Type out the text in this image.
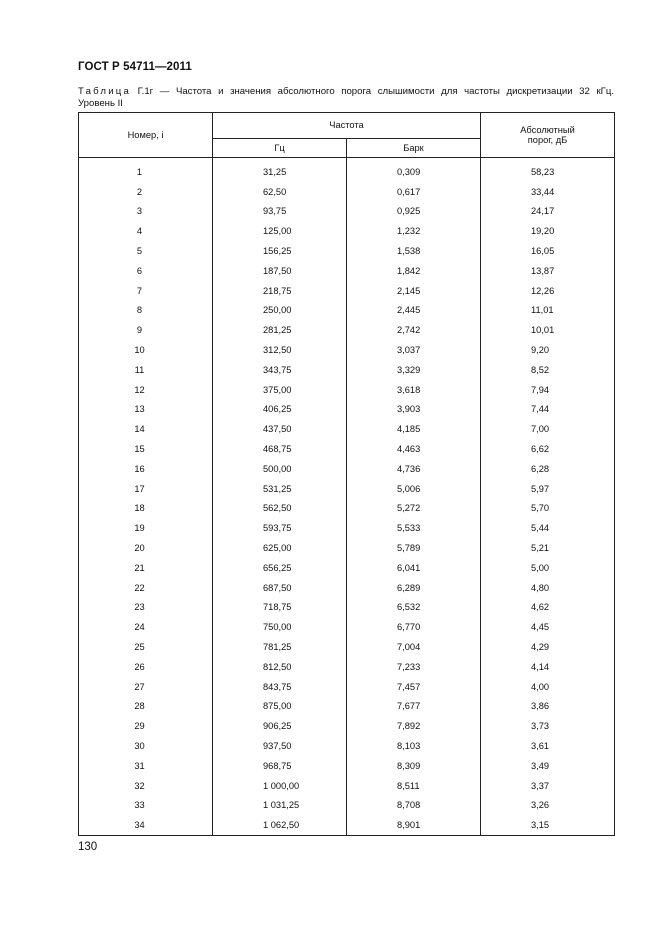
ГОСТ Р 54711—2011
Таблица Г.1г — Частота и значения абсолютного порога слышимости для частоты дискретизации 32 кГц.
Уровень II
Номер, i	Частота		Абсолютный
порог, дБ

	Гц	Барк	
1	31,25	0,309	58,23
2	62,50	0,617	33,44
3	93,75	0,925	24,17
4	125,00	1,232	19,20
5	156,25	1,538	16,05
6	187,50	1,842	13,87
7	218,75	2,145	12,26
8	250,00	2,445	11,01
9	281,25	2,742	10,01
10	312,50	3,037	9,20
11	343,75	3,329	8,52
12	375,00	3,618	7,94
13	406,25	3,903	7,44
14	437,50	4,185	7,00
15	468,75	4,463	6,62
16	500,00	4,736	6,28
17	531,25	5,006	5,97
18	562,50	5,272	5,70
19	593,75	5,533	5,44
20	625,00	5,789	5,21
21	656,25	6,041	5,00
22	687,50	6,289	4,80
23	718,75	6,532	4,62
24	750,00	6,770	4,45
25	781,25	7,004	4,29
26	812,50	7,233	4,14
27	843,75	7,457	4,00
28	875,00	7,677	3,86
29	906,25	7,892	3,73
30	937,50	8,103	3,61
31	968,75	8,309	3,49
32	1 000,00	8,511	3,37
33	1 031,25	8,708	3,26
34	1 062,50	8,901	3,15
130
